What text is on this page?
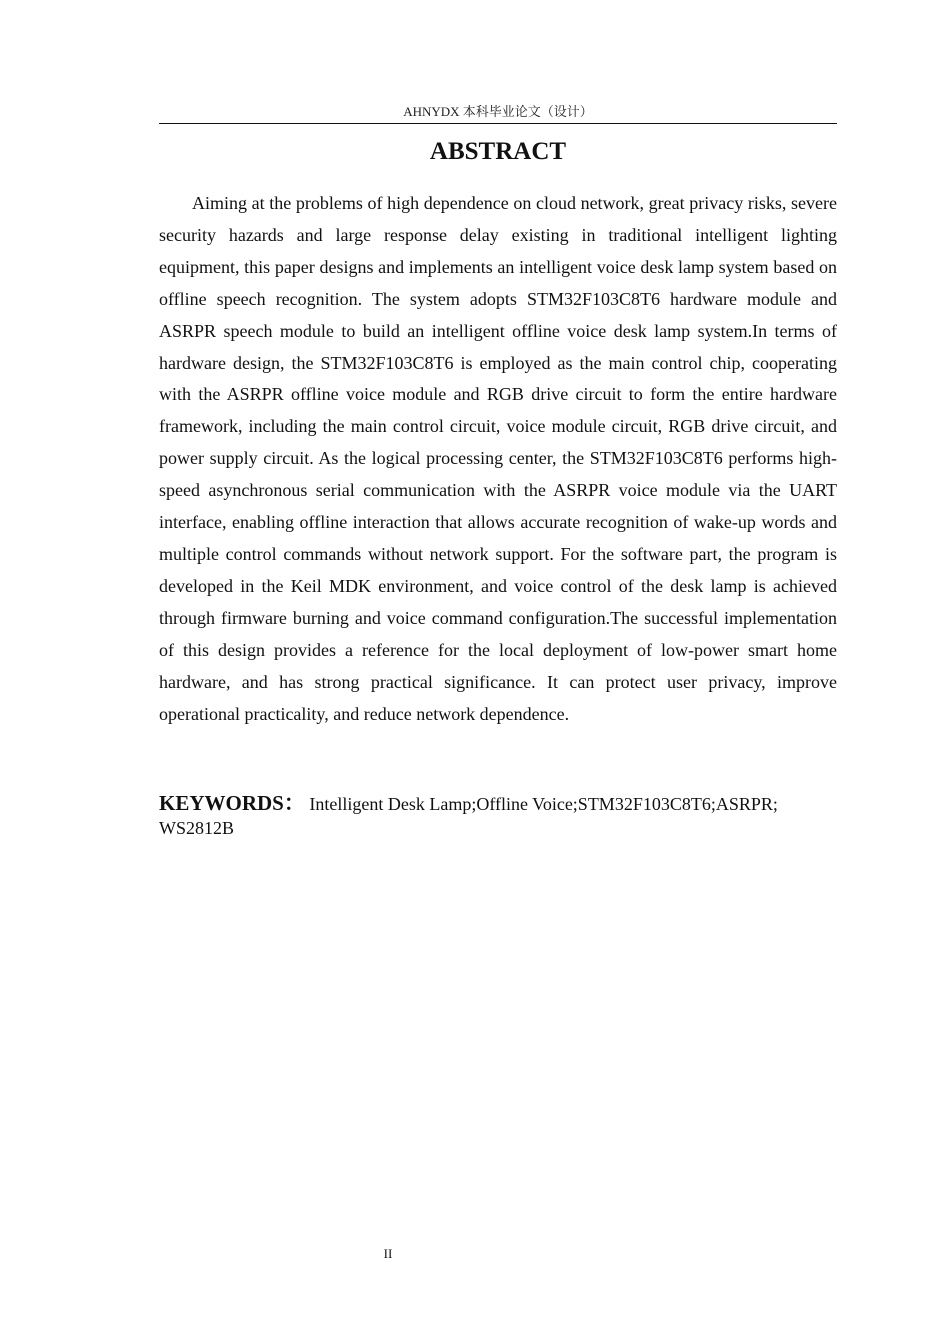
AHNYDX 本科毕业论文（设计）
ABSTRACT

Aiming at the problems of high dependence on cloud network, great privacy risks, severe security hazards and large response delay existing in traditional intelligent lighting equipment, this paper designs and implements an intelligent voice desk lamp system based on offline speech recognition. The system adopts STM32F103C8T6 hardware module and ASRPR speech module to build an intelligent offline voice desk lamp system.In terms of hardware design, the STM32F103C8T6 is employed as the main control chip, cooperating with the ASRPR offline voice module and RGB drive circuit to form the entire hardware framework, including the main control circuit, voice module circuit, RGB drive circuit, and power supply circuit. As the logical processing center, the STM32F103C8T6 performs high-speed asynchronous serial communication with the ASRPR voice module via the UART interface, enabling offline interaction that allows accurate recognition of wake-up words and multiple control commands without network support. For the software part, the program is developed in the Keil MDK environment, and voice control of the desk lamp is achieved through firmware burning and voice command configuration.The successful implementation of this design provides a reference for the local deployment of low-power smart home hardware, and has strong practical significance. It can protect user privacy, improve operational practicality, and reduce network dependence.

KEYWORDS： Intelligent Desk Lamp;Offline Voice;STM32F103C8T6;ASRPR; WS2812B

II
